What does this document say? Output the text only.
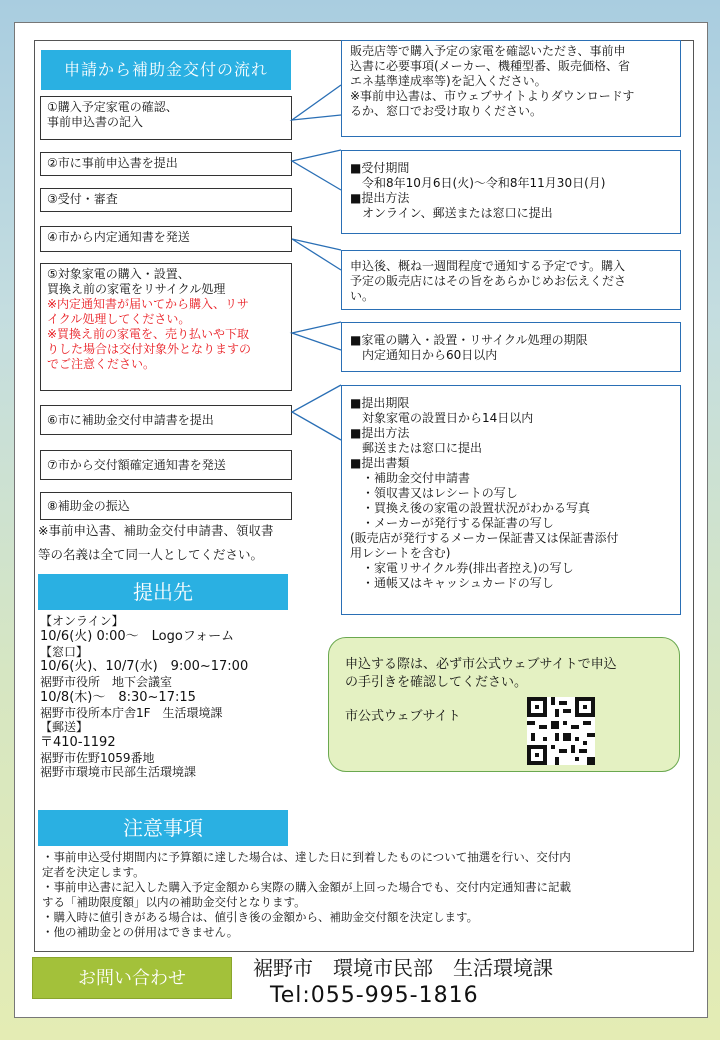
申請から補助金交付の流れ
①購入予定家電の確認、
事前申込書の記入
②市に事前申込書を提出
③受付・審査
④市から内定通知書を発送
⑤対象家電の購入・設置、
買換え前の家電をリサイクル処理
※内定通知書が届いてから購入、リサ
イクル処理してください。
※買換え前の家電を、売り払いや下取
りした場合は交付対象外となりますの
でご注意ください。
⑥市に補助金交付申請書を提出
⑦市から交付額確定通知書を発送
⑧補助金の振込
※事前申込書、補助金交付申請書、領収書
等の名義は全て同一人としてください。
販売店等で購入予定の家電を確認いただき、事前申
込書に必要事項(メーカー、機種型番、販売価格、省
エネ基準達成率等)を記入ください。
※事前申込書は、市ウェブサイトよりダウンロードす
るか、窓口でお受け取りください。
■受付期間
　令和8年10月6日(火)～令和8年11月30日(月)
■提出方法
　オンライン、郵送または窓口に提出
申込後、概ね一週間程度で通知する予定です。購入
予定の販売店にはその旨をあらかじめお伝えくださ
い。
■家電の購入・設置・リサイクル処理の期限
　内定通知日から60日以内
■提出期限
　対象家電の設置日から14日以内
■提出方法
　郵送または窓口に提出
■提出書類
　・補助金交付申請書
　・領収書又はレシートの写し
　・買換え後の家電の設置状況がわかる写真
　・メーカーが発行する保証書の写し
(販売店が発行するメーカー保証書又は保証書添付
用レシートを含む)
　・家電リサイクル券(排出者控え)の写し
　・通帳又はキャッシュカードの写し
提出先
【オンライン】
10/6(火) 0:00～　Logoフォーム
【窓口】
10/6(火)、10/7(水)　9:00~17:00
裾野市役所　地下会議室
10/8(木)～　8:30~17:15
裾野市役所本庁舎1F　生活環境課
【郵送】
〒410-1192
裾野市佐野1059番地
裾野市環境市民部生活環境課
申込する際は、必ず市公式ウェブサイトで申込
の手引きを確認してください。
市公式ウェブサイト
注意事項
・事前申込受付期間内に予算額に達した場合は、達した日に到着したものについて抽選を行い、交付内
定者を決定します。
・事前申込書に記入した購入予定金額から実際の購入金額が上回った場合でも、交付内定通知書に記載
する「補助限度額」以内の補助金交付となります。
・購入時に値引きがある場合は、値引き後の金額から、補助金交付額を決定します。
・他の補助金との併用はできません。
お問い合わせ	裾野市　環境市民部　生活環境課
Tel:055-995-1816
